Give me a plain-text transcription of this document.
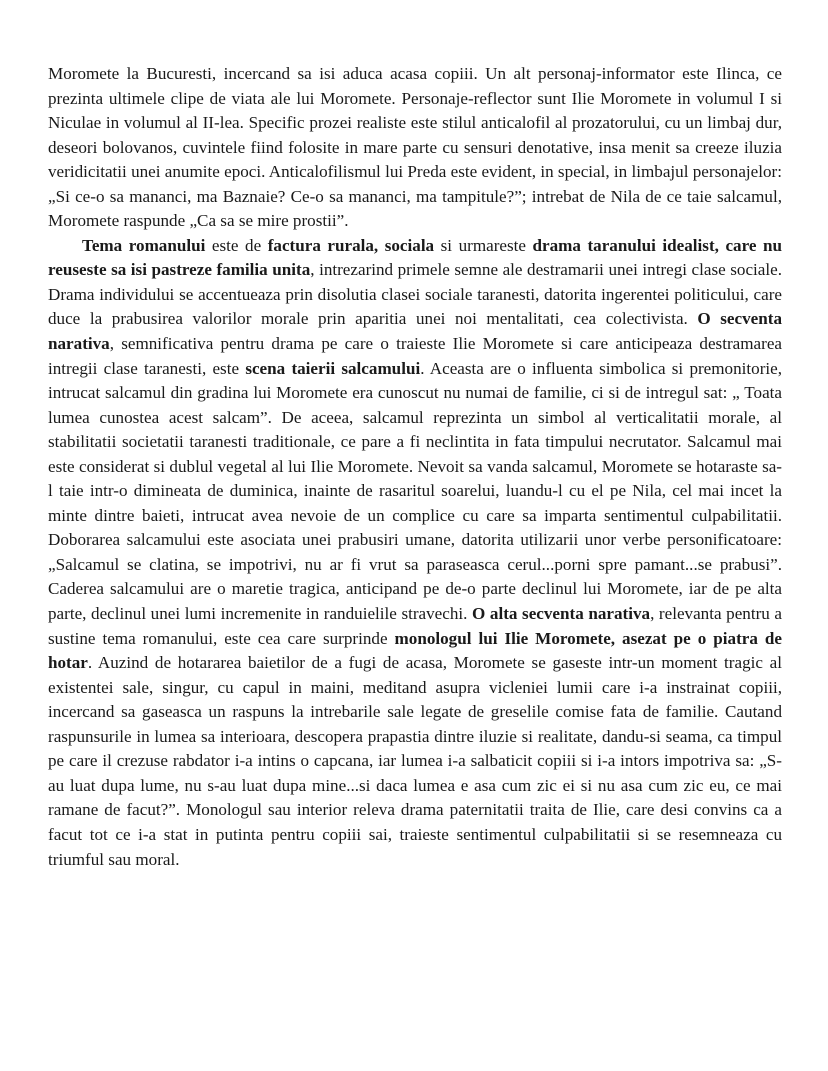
Moromete la Bucuresti, incercand sa isi aduca acasa copiii. Un alt personaj-informator este Ilinca, ce prezinta ultimele clipe de viata ale lui Moromete. Personaje-reflector sunt Ilie Moromete in volumul I si Niculae in volumul al II-lea. Specific prozei realiste este stilul anticalofil al prozatorului, cu un limbaj dur, deseori bolovanos, cuvintele fiind folosite in mare parte cu sensuri denotative, insa menit sa creeze iluzia veridicitatii unei anumite epoci. Anticalofilismul lui Preda este evident, in special, in limbajul personajelor: „Si ce-o sa mananci, ma Baznaie? Ce-o sa mananci, ma tampitule?”; intrebat de Nila de ce taie salcamul, Moromete raspunde „Ca sa se mire prostii”.

Tema romanului este de factura rurala, sociala si urmareste drama taranului idealist, care nu reuseste sa isi pastreze familia unita, intrezarind primele semne ale destramarii unei intregi clase sociale. Drama individului se accentueaza prin disolutia clasei sociale taranesti, datorita ingerentei politicului, care duce la prabusirea valorilor morale prin aparitia unei noi mentalitati, cea colectivista. O secventa narativa, semnificativa pentru drama pe care o traieste Ilie Moromete si care anticipeaza destramarea intregii clase taranesti, este scena taierii salcamului. Aceasta are o influenta simbolica si premonitorie, intrucat salcamul din gradina lui Moromete era cunoscut nu numai de familie, ci si de intregul sat: „ Toata lumea cunostea acest salcam”. De aceea, salcamul reprezinta un simbol al verticalitatii morale, al stabilitatii societatii taranesti traditionale, ce pare a fi neclintita in fata timpului necrutator. Salcamul mai este considerat si dublul vegetal al lui Ilie Moromete. Nevoit sa vanda salcamul, Moromete se hotaraste sa-l taie intr-o dimineata de duminica, inainte de rasaritul soarelui, luandu-l cu el pe Nila, cel mai incet la minte dintre baieti, intrucat avea nevoie de un complice cu care sa imparta sentimentul culpabilitatii. Doborarea salcamului este asociata unei prabusiri umane, datorita utilizarii unor verbe personificatoare: „Salcamul se clatina, se impotrivi, nu ar fi vrut sa paraseasca cerul...porni spre pamant...se prabusi”. Caderea salcamului are o maretie tragica, anticipand pe de-o parte declinul lui Moromete, iar de pe alta parte, declinul unei lumi incremenite in randuielile stravechi. O alta secventa narativa, relevanta pentru a sustine tema romanului, este cea care surprinde monologul lui Ilie Moromete, asezat pe o piatra de hotar. Auzind de hotararea baietilor de a fugi de acasa, Moromete se gaseste intr-un moment tragic al existentei sale, singur, cu capul in maini, meditand asupra vicleniei lumii care i-a instrainat copiii, incercand sa gaseasca un raspuns la intrebarile sale legate de greselile comise fata de familie. Cautand raspunsurile in lumea sa interioara, descopera prapastia dintre iluzie si realitate, dandu-si seama, ca timpul pe care il crezuse rabdator i-a intins o capcana, iar lumea i-a salbaticit copiii si i-a intors impotriva sa: „S-au luat dupa lume, nu s-au luat dupa mine...si daca lumea e asa cum zic ei si nu asa cum zic eu, ce mai ramane de facut?”. Monologul sau interior releva drama paternitatii traita de Ilie, care desi convins ca a facut tot ce i-a stat in putinta pentru copiii sai, traieste sentimentul culpabilitatii si se resemneaza cu triumful sau moral.
